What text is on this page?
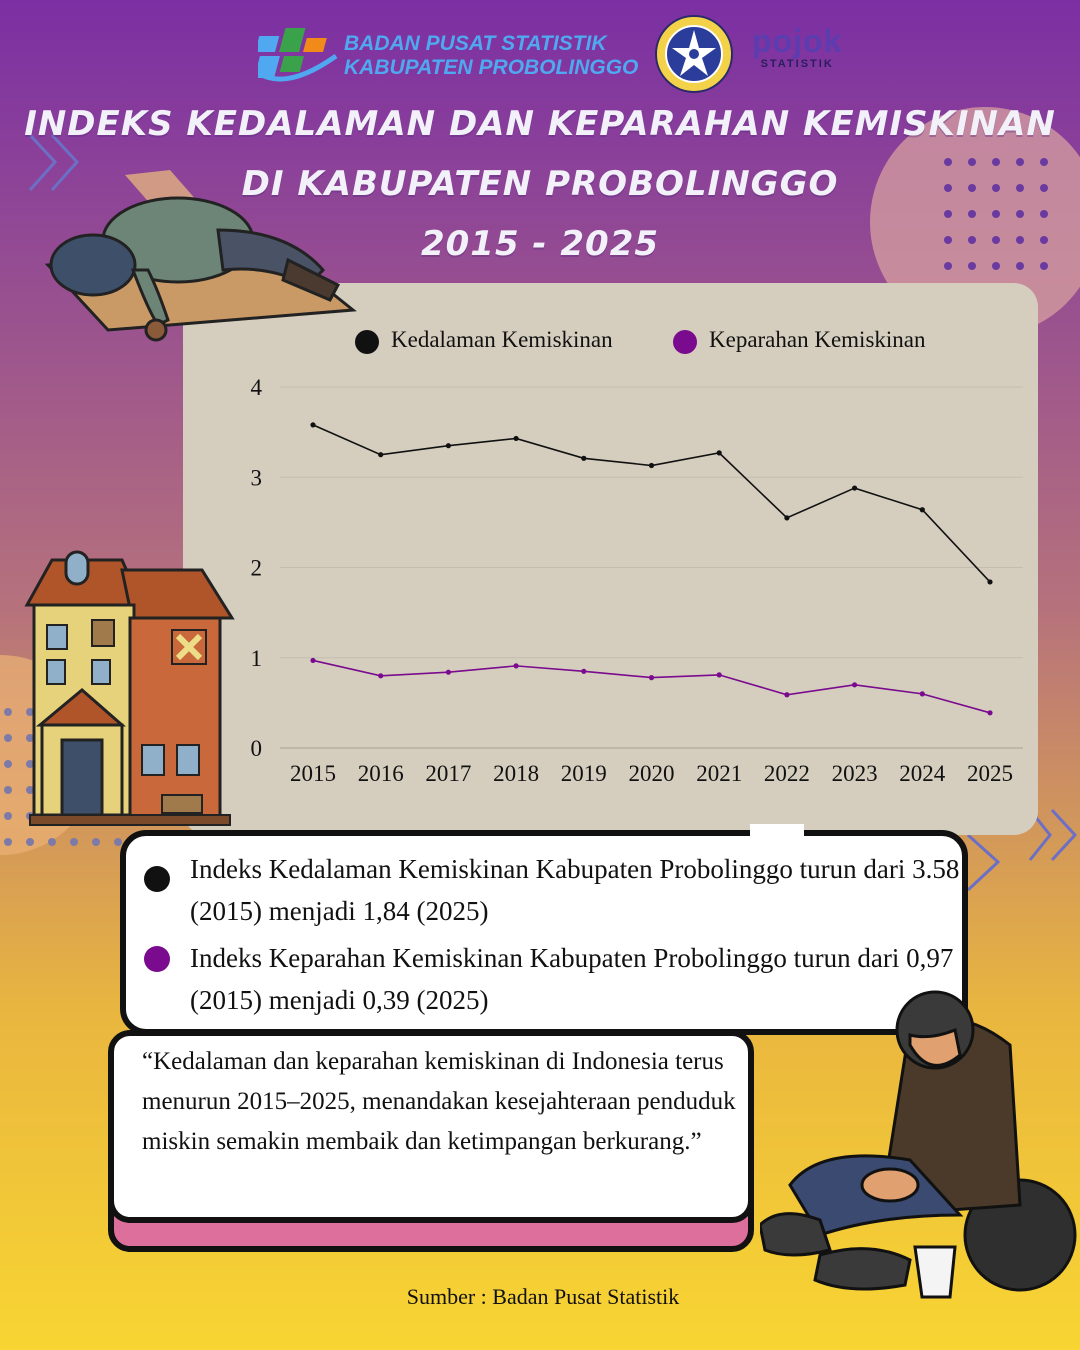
BADAN PUSAT STATISTIK
KABUPATEN PROBOLINGGO
pojok
STATISTIK
INDEKS KEDALAMAN DAN KEPARAHAN KEMISKINAN
DI KABUPATEN PROBOLINGGO
2015 - 2025
Kedalaman Kemiskinan	Keparahan Kemiskinan
0
1
2
3
4
2015 2016 2017 2018 2019 2020 2021 2022 2023 2024 2025
Indeks Kedalaman Kemiskinan Kabupaten Probolinggo turun dari 3.58 (2015) menjadi 1,84 (2025)
Indeks Keparahan Kemiskinan Kabupaten Probolinggo turun dari 0,97 (2015) menjadi 0,39 (2025)
“Kedalaman dan keparahan kemiskinan di Indonesia terus menurun 2015–2025, menandakan kesejahteraan penduduk miskin semakin membaik dan ketimpangan berkurang.”
Sumber : Badan Pusat Statistik
